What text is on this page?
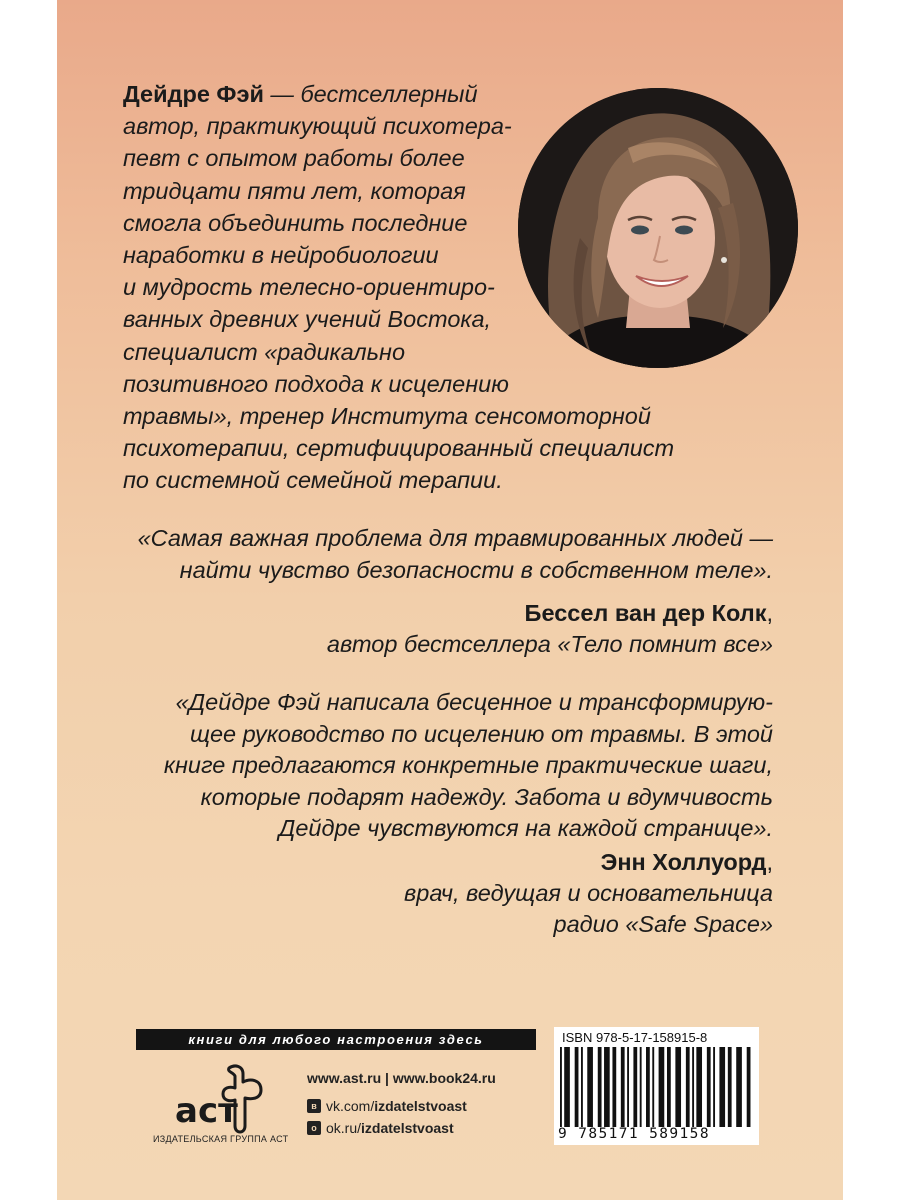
Дейдре Фэй — бестселлерный
автор, практикующий психотера-
певт с опытом работы более
тридцати пяти лет, которая
смогла объединить последние
наработки в нейробиологии
и мудрость телесно-ориентиро-
ванных древних учений Востока,
специалист «радикально
позитивного подхода к исцелению
травмы», тренер Института сенсомоторной
психотерапии, сертифицированный специалист
по системной семейной терапии.

«Самая важная проблема для травмированных людей —
найти чувство безопасности в собственном теле».

Бессел ван дер Колк,
автор бестселлера «Тело помнит все»

«Дейдре Фэй написала бесценное и трансформирую-
щее руководство по исцелению от травмы. В этой
книге предлагаются конкретные практические шаги,
которые подарят надежду. Забота и вдумчивость
Дейдре чувствуются на каждой странице».

Энн Холлуорд,
врач, ведущая и основательница
радио «Safe Space»

книги для любого настроения здесь
аст
ИЗДАТЕЛЬСКАЯ ГРУППА АСТ
www.ast.ru | www.book24.ru
в vk.com/ izdatelstvoast
о ok.ru/ izdatelstvoast
ISBN 978-5-17-158915-8
9 785171 589158
